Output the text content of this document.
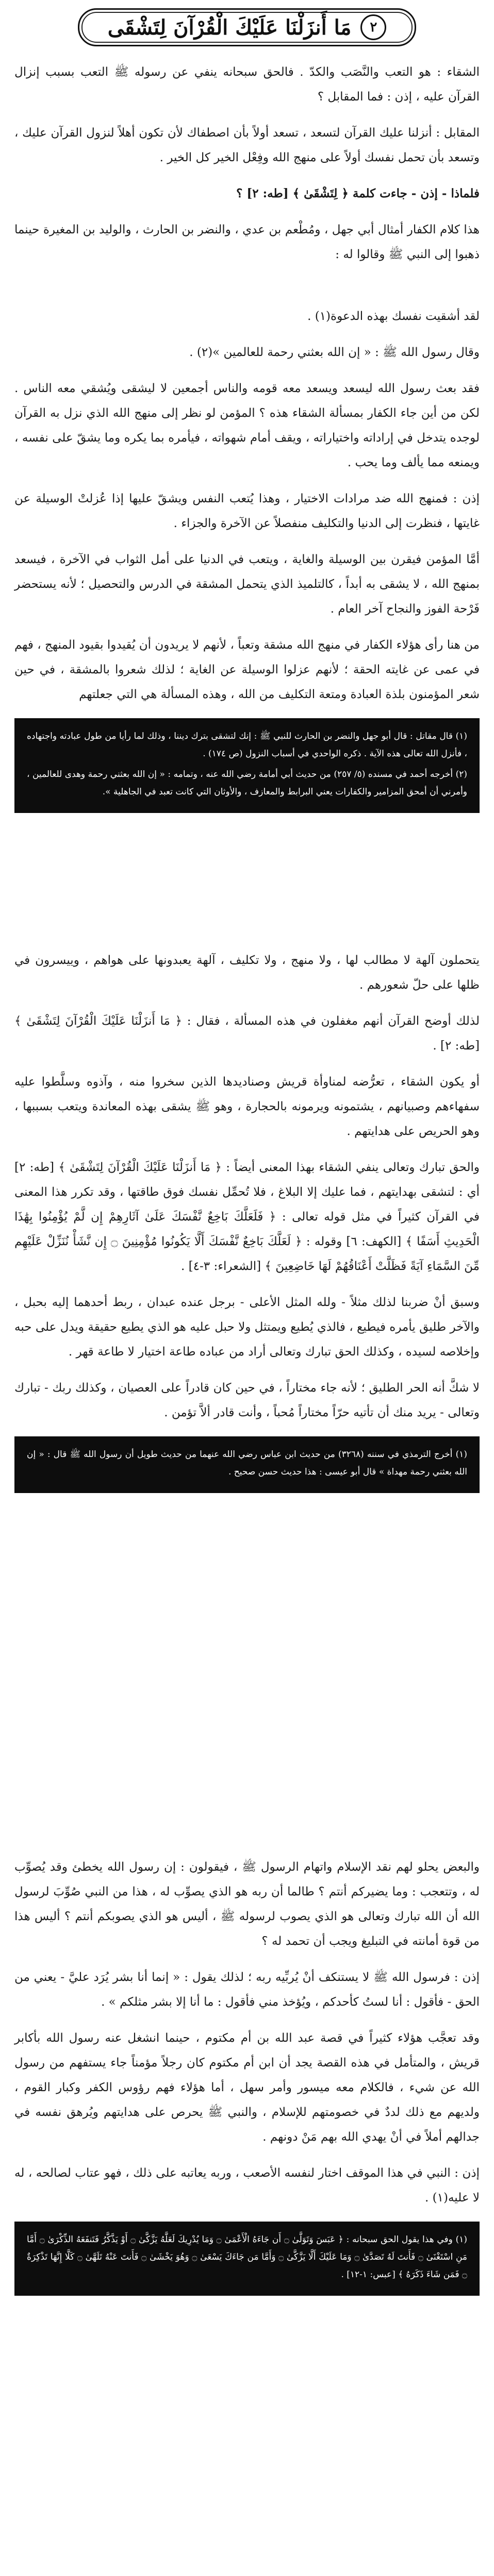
٢
مَا أَنزَلْنَا عَلَيْكَ الْقُرْآنَ لِتَشْقَى

الشقاء : هو التعب والنَّصَب والكدّ . فالحق سبحانه ينفي عن رسوله ﷺ التعب بسبب إنزال القرآن عليه ، إذن : فما المقابل ؟

المقابل : أنزلنا عليك القرآن لتسعد ، تسعد أولاً بأن اصطفاك لأن تكون أهلاً لنزول القرآن عليك ، وتسعد بأن تحمل نفسك أولاً على منهج الله وفِعْل الخير كل الخير .

فلماذا - إذن - جاءت كلمة ﴿ لِتَشْقَىٰ ﴾ [طه: ٢] ؟

هذا كلام الكفار أمثال أبي جهل ، ومُطْعم بن عدي ، والنضر بن الحارث ، والوليد بن المغيرة حينما ذهبوا إلى النبي ﷺ وقالوا له :

لقد أشقيت نفسك بهذه الدعوة(١) .

وقال رسول الله ﷺ : « إن الله بعثني رحمة للعالمين »(٢) .

فقد بعث رسول الله ليسعد ويسعد معه قومه والناس أجمعين لا ليشقى ويُشقي معه الناس . لكن من أين جاء الكفار بمسألة الشقاء هذه ؟ المؤمن لو نظر إلى منهج الله الذي نزل به القرآن لوجده يتدخل في إراداته واختياراته ، ويقف أمام شهواته ، فيأمره بما يكره وما يشقّ على نفسه ، ويمنعه مما يألف وما يحب .

إذن : فمنهج الله ضد مرادات الاختيار ، وهذا يُتعب النفس ويشقّ عليها إذا عُزلتْ الوسيلة عن غايتها ، فنظرت إلى الدنيا والتكليف منفصلاً عن الآخرة والجزاء .

أمَّا المؤمن فيقرن بين الوسيلة والغاية ، ويتعب في الدنيا على أمل الثواب في الآخرة ، فيسعد بمنهج الله ، لا يشقى به أبداً ، كالتلميذ الذي يتحمل المشقة في الدرس والتحصيل ؛ لأنه يستحضر فَرْحة الفوز والنجاح آخر العام .

من هنا رأى هؤلاء الكفار في منهج الله مشقة وتعباً ، لأنهم لا يريدون أن يُقيدوا بقيود المنهج ، فهم في عمى عن غايته الحقة ؛ لأنهم عزلوا الوسيلة عن الغاية ؛ لذلك شعروا بالمشقة ، في حين شعر المؤمنون بلذة العبادة ومتعة التكليف من الله ، وهذه المسألة هي التي جعلتهم

(١) قال مقاتل : قال أبو جهل والنضر بن الحارث للنبي ﷺ : إنك لتشقى بترك ديننا ، وذلك لما رأيا من طول عبادته واجتهاده ، فأنزل الله تعالى هذه الآية . ذكره الواحدي في أسباب النزول (ص ١٧٤) .
(٢) أخرجه أحمد في مسنده (٥/ ٢٥٧) من حديث أبي أمامة رضي الله عنه ، وتمامه : « إن الله بعثني رحمة وهدى للعالمين ، وأمرني أن أمحق المزامير والكفارات يعني البرابط والمعازف ، والأوثان التي كانت تعبد في الجاهلية ».

يتحملون آلهة لا مطالب لها ، ولا منهج ، ولا تكليف ، آلهة يعبدونها على هواهم ، وييسرون في ظلها على حلّ شعورهم .

لذلك أوضح القرآن أنهم مغفلون في هذه المسألة ، فقال : ﴿ مَا أَنزَلْنَا عَلَيْكَ الْقُرْآنَ لِتَشْقَىٰ ﴾ [طه: ٢] .

أو يكون الشقاء ، تعرُّضه لمناوأة قريش وصناديدها الذين سخروا منه ، وآذوه وسلَّطوا عليه سفهاءهم وصبيانهم ، يشتمونه ويرمونه بالحجارة ، وهو ﷺ يشقى بهذه المعاندة ويتعب بسببها ، وهو الحريص على هدايتهم .

والحق تبارك وتعالى ينفي الشقاء بهذا المعنى أيضاً : ﴿ مَا أَنزَلْنَا عَلَيْكَ الْقُرْآنَ لِتَشْقَىٰ ﴾ [طه: ٢] أي : لتشقى بهدايتهم ، فما عليك إلا البلاغ ، فلا تُحمِّل نفسك فوق طاقتها ، وقد تكرر هذا المعنى في القرآن كثيراً في مثل قوله تعالى : ﴿ فَلَعَلَّكَ بَاخِعٌ نَّفْسَكَ عَلَىٰ آثَارِهِمْ إِن لَّمْ يُؤْمِنُوا بِهَٰذَا الْحَدِيثِ أَسَفًا ﴾ [الكهف: ٦] وقوله : ﴿ لَعَلَّكَ بَاخِعٌ نَّفْسَكَ أَلَّا يَكُونُوا مُؤْمِنِينَ ۝ إِن نَّشَأْ نُنَزِّلْ عَلَيْهِم مِّنَ السَّمَاءِ آيَةً فَظَلَّتْ أَعْنَاقُهُمْ لَهَا خَاضِعِينَ ﴾ [الشعراء: ٣-٤] .

وسبق أنْ ضربنا لذلك مثلاً - ولله المثل الأعلى - برجل عنده عبدان ، ربط أحدهما إليه بحبل ، والآخر طليق يأمره فيطيع ، فالذي يُطيع ويمتثل ولا حبل عليه هو الذي يطيع حقيقة ويدل على حبه وإخلاصه لسيده ، وكذلك الحق تبارك وتعالى أراد من عباده طاعة اختيار لا طاعة قهر .

لا شكَّ أنه الحر الطليق ؛ لأنه جاء مختاراً ، في حين كان قادراً على العصيان ، وكذلك ربك - تبارك وتعالى - يريد منك أن تأتيه حرّاً مختاراً مُحباً ، وأنت قادر ألاَّ تؤمن .

(١) أخرج الترمذي في سننه (٣٢٦٨) من حديث ابن عباس رضي الله عنهما من حديث طويل أن رسول الله ﷺ قال : « إن الله بعثني رحمة مهداة » قال أبو عيسى : هذا حديث حسن صحيح .

والبعض يحلو لهم نقد الإسلام واتهام الرسول ﷺ ، فيقولون : إن رسول الله يخطئ وقد يُصوِّب له ، وتتعجب : وما يضيركم أنتم ؟ طالما أن ربه هو الذي يصوِّب له ، هذا من النبي صُوِّبَ لرسول الله أن الله تبارك وتعالى هو الذي يصوب لرسوله ﷺ ، أليس هو الذي يصوبكم أنتم ؟ أليس هذا من قوة أمانته في التبليغ ويجب أن تحمد له ؟

إذن : فرسول الله ﷺ لا يستنكف أنْ يُربِّيه ربه ؛ لذلك يقول : « إنما أنا بشر يُرَد عليَّ - يعني من الحق - فأقول : أنا لستُ كأحدكم ، ويُؤخذ مني فأقول : ما أنا إلا بشر مثلكم » .

وقد تعجَّب هؤلاء كثيراً في قصة عبد الله بن أم مكتوم ، حينما انشغل عنه رسول الله بأكابر قريش ، والمتأمل في هذه القصة يجد أن ابن أم مكتوم كان رجلاً مؤمناً جاء يستفهم من رسول الله عن شيء ، فالكلام معه ميسور وأمر سهل ، أما هؤلاء فهم رؤوس الكفر وكبار القوم ، ولديهم مع ذلك لددٌ في خصومتهم للإسلام ، والنبي ﷺ يحرص على هدايتهم ويُرهق نفسه في جدالهم أملاً في أنْ يهدي الله بهم مَنْ دونهم .

إذن : النبي في هذا الموقف اختار لنفسه الأصعب ، وربه يعاتبه على ذلك ، فهو عتاب لصالحه ، له لا عليه(١) .

(١) وفي هذا يقول الحق سبحانه : ﴿ عَبَسَ وَتَوَلَّىٰ ۝ أَن جَاءَهُ الْأَعْمَىٰ ۝ وَمَا يُدْرِيكَ لَعَلَّهُ يَزَّكَّىٰ ۝ أَوْ يَذَّكَّرُ فَتَنفَعَهُ الذِّكْرَىٰ ۝ أَمَّا مَنِ اسْتَغْنَىٰ ۝ فَأَنتَ لَهُ تَصَدَّىٰ ۝ وَمَا عَلَيْكَ أَلَّا يَزَّكَّىٰ ۝ وَأَمَّا مَن جَاءَكَ يَسْعَىٰ ۝ وَهُوَ يَخْشَىٰ ۝ فَأَنتَ عَنْهُ تَلَهَّىٰ ۝ كَلَّا إِنَّهَا تَذْكِرَةٌ ۝ فَمَن شَاءَ ذَكَرَهُ ﴾ [عبس: ١-١٢] .
